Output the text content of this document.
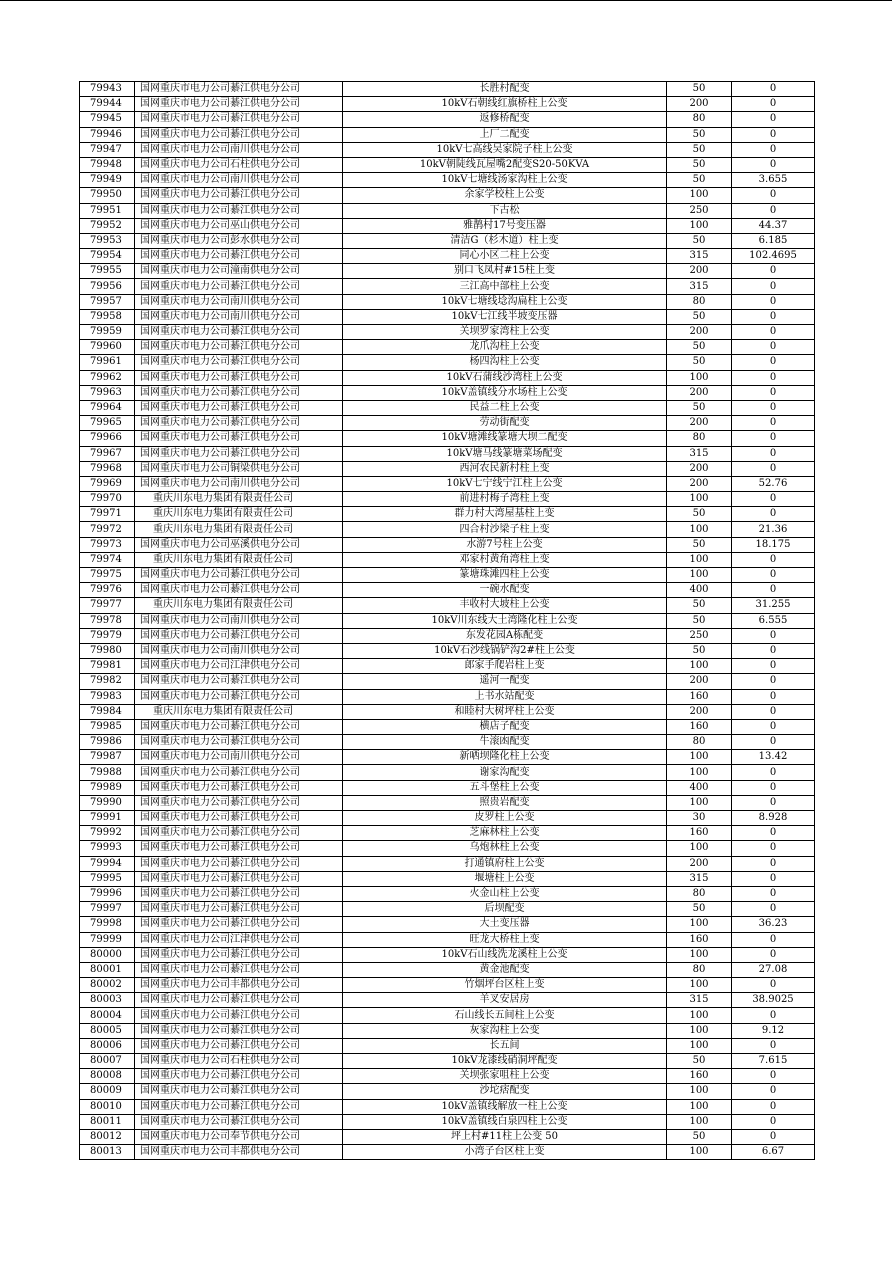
79943	国网重庆市电力公司綦江供电分公司	长胜村配变	50	0
79944	国网重庆市电力公司綦江供电分公司	10kV石朝线红旗桥柱上公变	200	0
79945	国网重庆市电力公司綦江供电分公司	返修桥配变	80	0
79946	国网重庆市电力公司綦江供电分公司	上厂二配变	50	0
79947	国网重庆市电力公司南川供电分公司	10kV七高线吴家院子柱上公变	50	0
79948	国网重庆市电力公司石柱供电分公司	10kV朝陡线瓦屋嘴2配变S20-50KVA	50	0
79949	国网重庆市电力公司南川供电分公司	10kV七塘线汤家沟柱上公变	50	3.655
79950	国网重庆市电力公司綦江供电分公司	余家学校柱上公变	100	0
79951	国网重庆市电力公司綦江供电分公司	下古松	250	0
79952	国网重庆市电力公司巫山供电分公司	雅鹊村17号变压器	100	44.37
79953	国网重庆市电力公司彭水供电分公司	清洁G（杉木道）柱上变	50	6.185
79954	国网重庆市电力公司綦江供电分公司	同心小区二柱上公变	315	102.4695
79955	国网重庆市电力公司潼南供电分公司	别口飞凤村#15柱上变	200	0
79956	国网重庆市电力公司綦江供电分公司	三江高中部柱上公变	315	0
79957	国网重庆市电力公司南川供电分公司	10kV七塘线埝沟扁柱上公变	80	0
79958	国网重庆市电力公司南川供电分公司	10kV七江线半坡变压器	50	0
79959	国网重庆市电力公司綦江供电分公司	关坝罗家湾柱上公变	200	0
79960	国网重庆市电力公司綦江供电分公司	龙爪沟柱上公变	50	0
79961	国网重庆市电力公司綦江供电分公司	杨四沟柱上公变	50	0
79962	国网重庆市电力公司綦江供电分公司	10kV石蒲线沙湾柱上公变	100	0
79963	国网重庆市电力公司綦江供电分公司	10kV盖镇线分水场柱上公变	200	0
79964	国网重庆市电力公司綦江供电分公司	民益二柱上公变	50	0
79965	国网重庆市电力公司綦江供电分公司	劳动街配变	200	0
79966	国网重庆市电力公司綦江供电分公司	10kV塘滩线篆塘大坝二配变	80	0
79967	国网重庆市电力公司綦江供电分公司	10kV塘马线篆塘菜场配变	315	0
79968	国网重庆市电力公司铜梁供电分公司	西河农民新村柱上变	200	0
79969	国网重庆市电力公司南川供电分公司	10kV七宁线宁江柱上公变	200	52.76
79970	重庆川东电力集团有限责任公司	前进村梅子湾柱上变	100	0
79971	重庆川东电力集团有限责任公司	群力村大湾屋基柱上变	50	0
79972	重庆川东电力集团有限责任公司	四合村沙梁子柱上变	100	21.36
79973	国网重庆市电力公司巫溪供电分公司	水游7号柱上公变	50	18.175
79974	重庆川东电力集团有限责任公司	邓家村黄角湾柱上变	100	0
79975	国网重庆市电力公司綦江供电分公司	篆塘珠滩四柱上公变	100	0
79976	国网重庆市电力公司綦江供电分公司	一碗水配变	400	0
79977	重庆川东电力集团有限责任公司	丰收村大坡柱上公变	50	31.255
79978	国网重庆市电力公司南川供电分公司	10kV川东线大土湾隆化柱上公变	50	6.555
79979	国网重庆市电力公司綦江供电分公司	东发花园A栋配变	250	0
79980	国网重庆市电力公司南川供电分公司	10kV石沙线锅铲沟2#柱上公变	50	0
79981	国网重庆市电力公司江津供电分公司	郎家手爬岩柱上变	100	0
79982	国网重庆市电力公司綦江供电分公司	遥河一配变	200	0
79983	国网重庆市电力公司綦江供电分公司	上书水站配变	160	0
79984	重庆川东电力集团有限责任公司	和睦村大树坪柱上公变	200	0
79985	国网重庆市电力公司綦江供电分公司	横店子配变	160	0
79986	国网重庆市电力公司綦江供电分公司	牛滚凼配变	80	0
79987	国网重庆市电力公司南川供电分公司	新哂坝隆化柱上公变	100	13.42
79988	国网重庆市电力公司綦江供电分公司	谢家沟配变	100	0
79989	国网重庆市电力公司綦江供电分公司	五斗堡柱上公变	400	0
79990	国网重庆市电力公司綦江供电分公司	照贵岩配变	100	0
79991	国网重庆市电力公司綦江供电分公司	皮罗柱上公变	30	8.928
79992	国网重庆市电力公司綦江供电分公司	芝麻林柱上公变	160	0
79993	国网重庆市电力公司綦江供电分公司	乌炮林柱上公变	100	0
79994	国网重庆市电力公司綦江供电分公司	打通镇府柱上公变	200	0
79995	国网重庆市电力公司綦江供电分公司	堰塘柱上公变	315	0
79996	国网重庆市电力公司綦江供电分公司	火金山柱上公变	80	0
79997	国网重庆市电力公司綦江供电分公司	后坝配变	50	0
79998	国网重庆市电力公司綦江供电分公司	大土变压器	100	36.23
79999	国网重庆市电力公司江津供电分公司	旺龙大桥柱上变	160	0
80000	国网重庆市电力公司綦江供电分公司	10kV石山线洗龙溪柱上公变	100	0
80001	国网重庆市电力公司綦江供电分公司	黄金池配变	80	27.08
80002	国网重庆市电力公司丰都供电分公司	竹烟坪台区柱上变	100	0
80003	国网重庆市电力公司綦江供电分公司	羊叉安居房	315	38.9025
80004	国网重庆市电力公司綦江供电分公司	石山线长五间柱上公变	100	0
80005	国网重庆市电力公司綦江供电分公司	灰家沟柱上公变	100	9.12
80006	国网重庆市电力公司綦江供电分公司	长五间	100	0
80007	国网重庆市电力公司石柱供电分公司	10kV龙漆线硝洞坪配变	50	7.615
80008	国网重庆市电力公司綦江供电分公司	关坝张家咀柱上公变	160	0
80009	国网重庆市电力公司綦江供电分公司	沙坨痞配变	100	0
80010	国网重庆市电力公司綦江供电分公司	10kV盖镇线解放一柱上公变	100	0
80011	国网重庆市电力公司綦江供电分公司	10kV盖镇线白泉四柱上公变	100	0
80012	国网重庆市电力公司奉节供电分公司	坪上村#11柱上公变 50	50	0
80013	国网重庆市电力公司丰都供电分公司	小湾子台区柱上变	100	6.67
